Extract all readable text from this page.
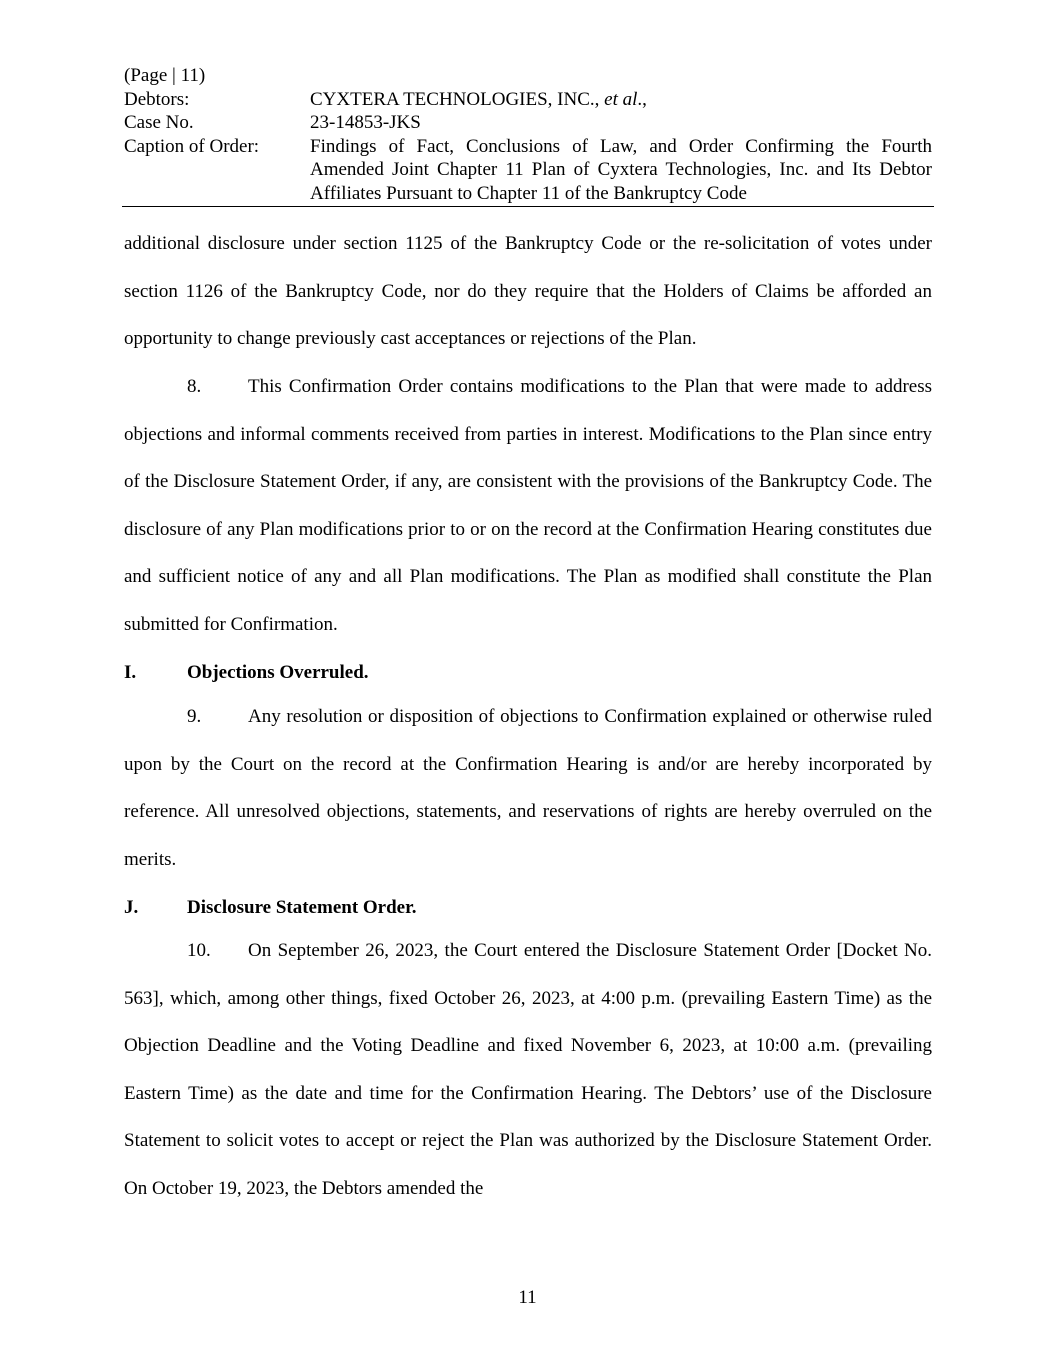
(Page | 11)
Debtors:	CYXTERA TECHNOLOGIES, INC., et al.,
Case No.	23-14853-JKS
Caption of Order:	Findings of Fact, Conclusions of Law, and Order Confirming the Fourth Amended Joint Chapter 11 Plan of Cyxtera Technologies, Inc. and Its Debtor Affiliates Pursuant to Chapter 11 of the Bankruptcy Code

additional disclosure under section 1125 of the Bankruptcy Code or the re-solicitation of votes under section 1126 of the Bankruptcy Code, nor do they require that the Holders of Claims be afforded an opportunity to change previously cast acceptances or rejections of the Plan.

8. This Confirmation Order contains modifications to the Plan that were made to address objections and informal comments received from parties in interest. Modifications to the Plan since entry of the Disclosure Statement Order, if any, are consistent with the provisions of the Bankruptcy Code. The disclosure of any Plan modifications prior to or on the record at the Confirmation Hearing constitutes due and sufficient notice of any and all Plan modifications. The Plan as modified shall constitute the Plan submitted for Confirmation.

I.	Objections Overruled.

9. Any resolution or disposition of objections to Confirmation explained or otherwise ruled upon by the Court on the record at the Confirmation Hearing is and/or are hereby incorporated by reference. All unresolved objections, statements, and reservations of rights are hereby overruled on the merits.

J.	Disclosure Statement Order.

10. On September 26, 2023, the Court entered the Disclosure Statement Order [Docket No. 563], which, among other things, fixed October 26, 2023, at 4:00 p.m. (prevailing Eastern Time) as the Objection Deadline and the Voting Deadline and fixed November 6, 2023, at 10:00 a.m. (prevailing Eastern Time) as the date and time for the Confirmation Hearing. The Debtors’ use of the Disclosure Statement to solicit votes to accept or reject the Plan was authorized by the Disclosure Statement Order. On October 19, 2023, the Debtors amended the

11
